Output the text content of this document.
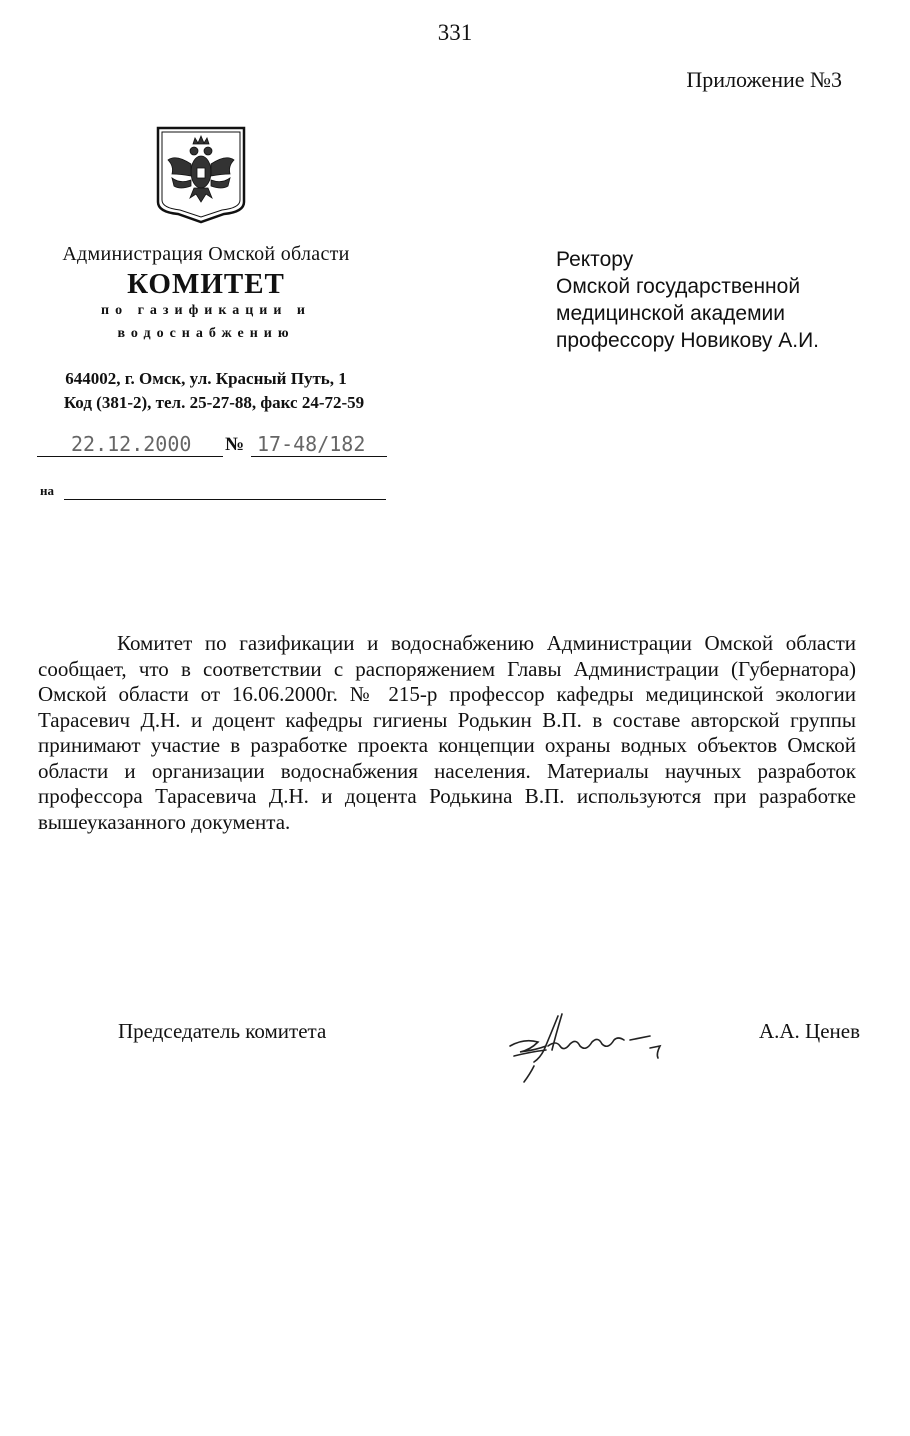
331
Приложение №3
Администрация Омской области
КОМИТЕТ
по газификации и
водоснабжению
644002, г. Омск, ул. Красный Путь, 1
Код (381-2), тел. 25-27-88, факс 24-72-59
22.12.2000 № 17-48/182
на
Ректору
Омской государственной
медицинской академии
профессору Новикову А.И.

Комитет по газификации и водоснабжению Администрации Омской области сообщает, что в соответствии с распоряжением Главы Администрации (Губернатора) Омской области от 16.06.2000г. № 215-р профессор кафедры медицинской экологии Тарасевич Д.Н. и доцент кафедры гигиены Родькин В.П. в составе авторской группы принимают участие в разработке проекта концепции охраны водных объектов Омской области и организации водоснабжения населения. Материалы научных разработок профессора Тарасевича Д.Н. и доцента Родькина В.П. используются при разработке вышеуказанного документа.

Председатель комитета	А.А. Ценев
